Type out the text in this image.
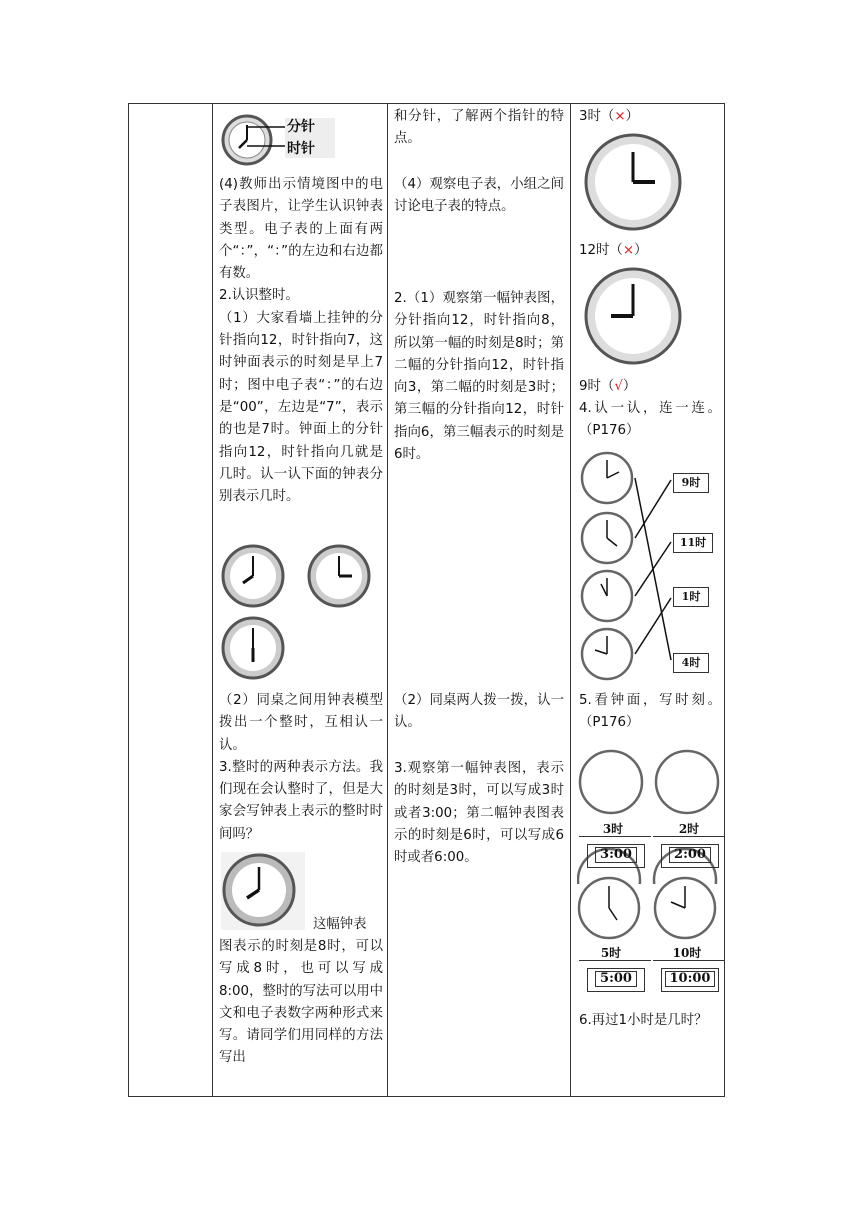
分针
时针

(4)教师出示情境图中的电子表图片，让学生认识钟表类型。电子表的上面有两个“：”，“：”的左边和右边都有数。

2.认识整时。

（1）大家看墙上挂钟的分针指向12，时针指向7，这时钟面表示的时刻是早上7时；图中电子表“：”的右边是“00”，左边是“7”，表示的也是7时。钟面上的分针指向12，时针指向几就是几时。认一认下面的钟表分别表示几时。

（2）同桌之间用钟表模型拨出一个整时，互相认一认。

3.整时的两种表示方法。我们现在会认整时了，但是大家会写钟表上表示的整时时间吗？

这幅钟表

图表示的时刻是8时，可以写成8时，也可以写成8:00，整时的写法可以用中文和电子表数字两种形式来写。请同学们用同样的方法写出

和分针，了解两个指针的特点。

（4）观察电子表，小组之间讨论电子表的特点。

2.（1）观察第一幅钟表图，分针指向12，时针指向8，所以第一幅的时刻是8时；第二幅的分针指向12，时针指向3，第二幅的时刻是3时；第三幅的分针指向12，时针指向6，第三幅表示的时刻是6时。

（2）同桌两人拨一拨，认一认。

3.观察第一幅钟表图，表示的时刻是3时，可以写成3时或者3:00；第二幅钟表图表示的时刻是6时，可以写成6时或者6:00。

3时（×）
12时（×）
9时（√）

4.认一认，连一连。（P176）

9时
11时
1时
4时

5.看钟面，写时刻。（P176）

3时	2时
3:00	2:00
5时	10时
5:00	10:00

6.再过1小时是几时？
